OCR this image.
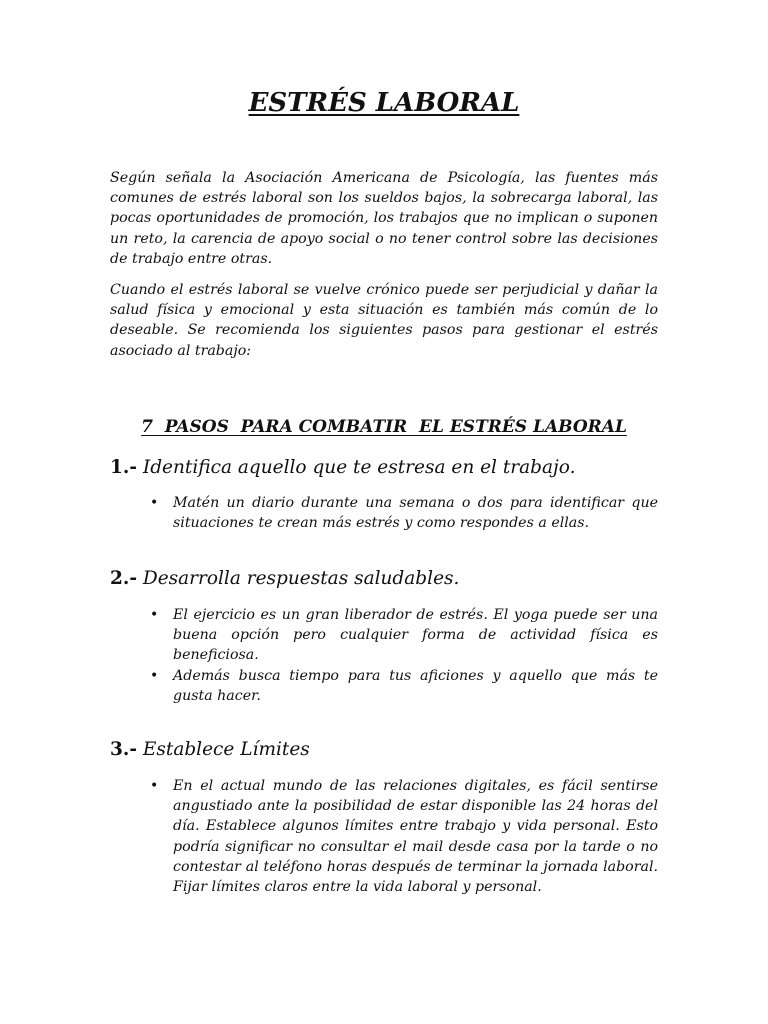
ESTRÉS LABORAL

Según señala la Asociación Americana de Psicología, las fuentes más comunes de estrés laboral son los sueldos bajos, la sobrecarga laboral, las pocas oportunidades de promoción, los trabajos que no implican o suponen un reto, la carencia de apoyo social o no tener control sobre las decisiones de trabajo entre otras.

Cuando el estrés laboral se vuelve crónico puede ser perjudicial y dañar la salud física y emocional y esta situación es también más común de lo deseable. Se recomienda los siguientes pasos para gestionar el estrés asociado al trabajo:

7  PASOS  PARA COMBATIR  EL ESTRÉS LABORAL
1.- Identifica aquello que te estresa en el trabajo.
• Matén un diario durante una semana o dos para identificar que situaciones te crean más estrés y como respondes a ellas.
2.- Desarrolla respuestas saludables.
• El ejercicio es un gran liberador de estrés. El yoga puede ser una buena opción pero cualquier forma de actividad física es beneficiosa.
• Además busca tiempo para tus aficiones y aquello que más te gusta hacer.
3.- Establece Límites
• En el actual mundo de las relaciones digitales, es fácil sentirse angustiado ante la posibilidad de estar disponible las 24 horas del día. Establece algunos límites entre trabajo y vida personal. Esto podría significar no consultar el mail desde casa por la tarde o no contestar al teléfono horas después de terminar la jornada laboral. Fijar límites claros entre la vida laboral y personal.
